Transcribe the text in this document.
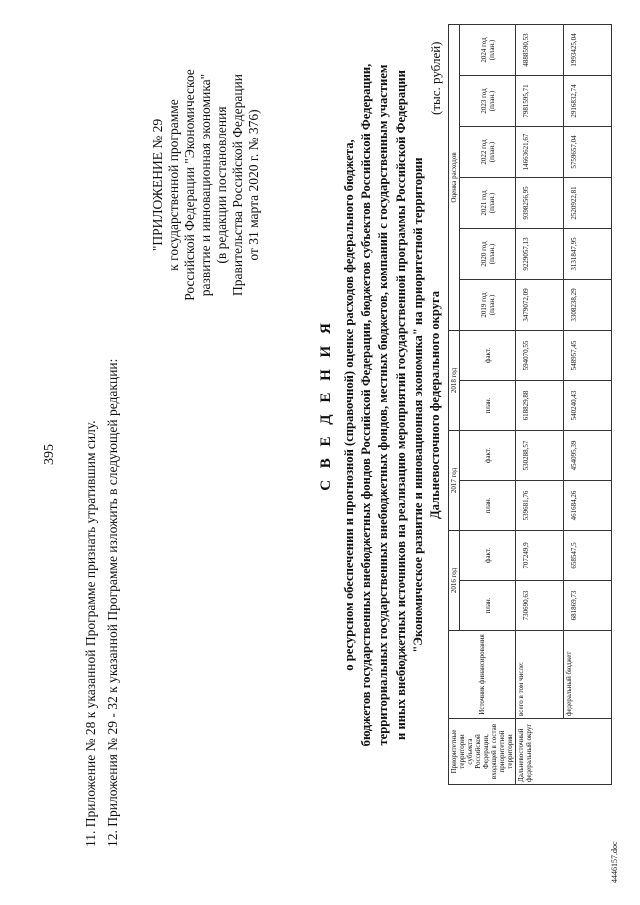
395 11. Приложение № 28 к указанной Программе признать утратившим силу. 12. Приложения № 29 - 32 к указанной Программе изложить в следующей редакции:
"ПРИЛОЖЕНИЕ № 29 к государственной программе Российской Федерации "Экономическое развитие и инновационная экономика" (в редакции постановления Правительства Российской Федерации от 31 марта 2020 г. № 376)
С В Е Д Е Н И Я о ресурсном обеспечении и прогнозной (справочной) оценке расходов федерального бюджета, бюджетов государственных внебюджетных фондов Российской Федерации, бюджетов субъектов Российской Федерации, территориальных государственных внебюджетных фондов, местных бюджетов, компаний с государственным участием и иных внебюджетных источников на реализацию мероприятий государственной программы Российской Федерации "Экономическое развитие и инновационная экономика" на приоритетной территории Дальневосточного федерального округа
(тыс. рублей)
Приоритетные территории субъекта Российской Федерации, входящей в состав приоритетной территории	Источник финансирования	2016 год		2017 год		2018 год		Оценка расходов					
		план.	факт.	план.	факт.	план.	факт.	2019 год (план.)	2020 год (план.)	2021 год (план.)	2022 год (план.)	2023 год (план.)	2024 год (план.)

Дальневосточный федеральный округ	всего в том числе:	730690,63	707249,9	539681,76	530288,57	618829,88	594070,55	3479072,09	9229057,13	9398256,95	14663621,67	7981595,71	4888590,53
	федеральный бюджет	681869,73	658547,5	461684,26	454095,39	540240,43	548957,45	3308238,29	3131847,95	2520922,81	5759657,04	2916832,74	1993425,04
4446157.doc
